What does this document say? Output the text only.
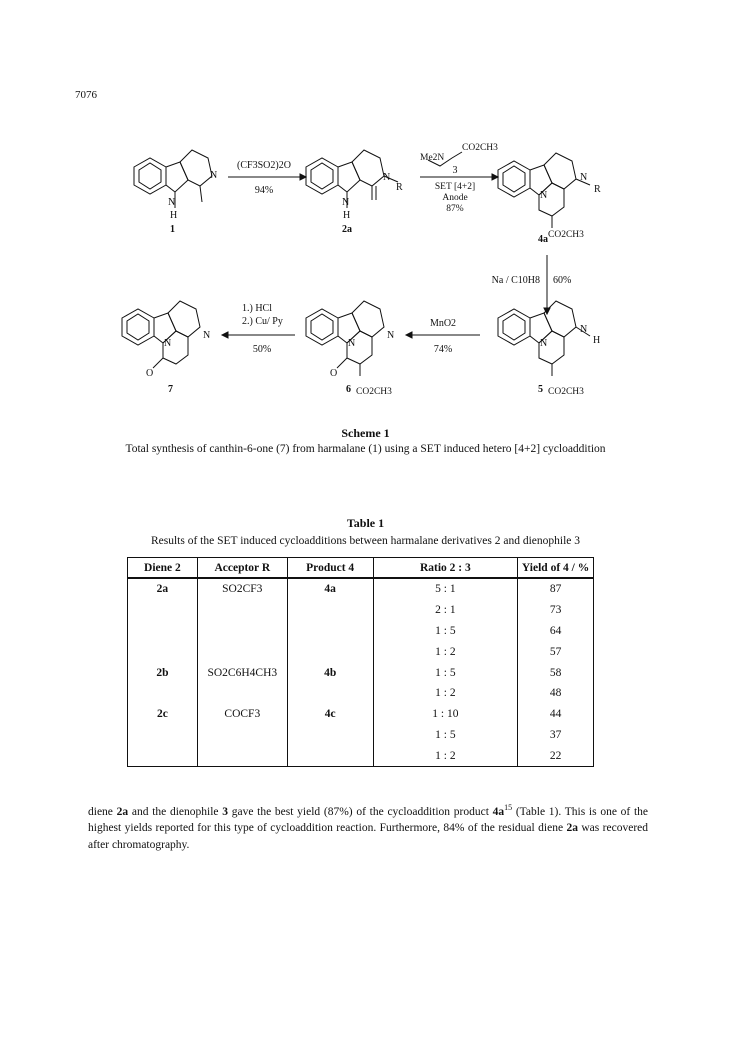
7076
N
H
N
N
H
N
R
N
N
R
CO2CH3
N
N
H
CO2CH3
N
N
O
CO2CH3
N
N
O
(CF3SO2)2O
94%
Me2N
CO2CH3
3
SET [4+2]
Anode
87%
Na / C10H8 60%
MnO2
74%
1.) HCl
2.) Cu/ Py
50%
1	2a
4a
5
6
7
Scheme 1
Total synthesis of canthin-6-one (7) from harmalane (1) using a SET induced hetero [4+2] cycloaddition
Table 1
Results of the SET induced cycloadditions between harmalane derivatives 2 and dienophile 3
Diene 2	Acceptor R	Product 4	Ratio 2 : 3	Yield of 4 / %
2a	SO2CF3	4a	5 : 1	87
			2 : 1	73
			1 : 5	64
			1 : 2	57
2b	SO2C6H4CH3	4b	1 : 5	58
			1 : 2	48
2c	COCF3	4c	1 : 10	44
			1 : 5	37
			1 : 2	22

diene 2a and the dienophile 3 gave the best yield (87%) of the cycloaddition product $4a^{15}$ (Table 1). This is one of the highest yields reported for this type of cycloaddition reaction. Furthermore, 84% of the residual diene 2a was recovered after chromatography.
